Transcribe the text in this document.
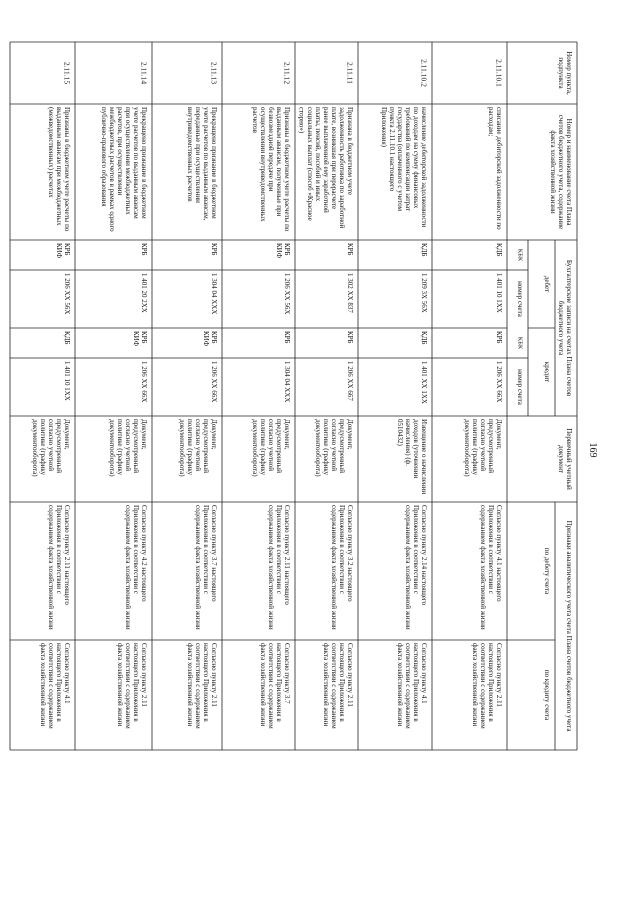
169
Номер пункта,подпункта
Номер и наименование счета Планасчетов бюджетного учета, содержаниефакта хозяйственной жизни
Бухгалтерские записи на счетах Плана счетовбюджетного учета
дебет
кредит
КБК
номер счета
КБК
номер счета
Первичный учетныйдокумент
Признаки аналитического учета счета Плана счетов бюджетного учета
по дебету счета
по кредиту счета
2.11.10.1
списание дебиторской задолженности порасходам;
КДБ
1 401 10 1XX
КРБ
1 206 XX 66X
Документ,предусмотренныйсогласно учетнойполитике (графикудокументооборота)
Согласно пункту 4.1 настоящегоПриложения в соответствии ссодержанием факта хозяйственной жизни
Согласно пункту 2.11настоящего Приложения всоответствии с содержаниемфакта хозяйственной жизни
2.11.10.2
начисление дебиторской задолженностипо доходам на сумму финансовыхтребований по компенсации затратгосударства (оплаченного с учетомпункта 2.11.10.1 настоящегоПриложения)
КДБ
1 209 3X 56X
КДБ
1 401 XX 1XX
Извещение о начислениидоходов (уточненииначисления) (ф.0510432)
Согласно пункту 2.14 настоящегоПриложения в соответствии ссодержанием факта хозяйственной жизни
Согласно пункту 4.1настоящего Приложения всоответствии с содержаниемфакта хозяйственной жизни
2.11.11
Признана в бюджетном учетезадолженность работника по заработнойплате, возникшая при перерасчетеранее выплаченной ему заработнойплаты, пенсий, пособий и иныхсоциальных выплат (способ «Красноесторно»)
КРБ
1 302 XX 837
КРБ
1 206 XX 667
Документ,предусмотренныйсогласно учетнойполитике (графикудокументооборота)
Согласно пункту 3.2 настоящегоПриложения в соответствии ссодержанием факта хозяйственной жизни
Согласно пункту 2.11настоящего Приложения всоответствии с содержаниемфакта хозяйственной жизни
2.11.12
Признаны в бюджетном учете расчеты повыданным авансам, полученные прибезвозмездной передаче приосуществлении внутриведомственныхрасчетов
КРБКИФ
1 206 XX 56X
КРБ
1 304 04 XXX
Документ,предусмотренныйсогласно учетнойполитике (графикудокументооборота)
Согласно пункту 2.11 настоящегоПриложения в соответствии ссодержанием факта хозяйственной жизни
Согласно пункту 3.7настоящего Приложения всоответствии с содержаниемфакта хозяйственной жизни
2.11.13
Прекращено признание в бюджетномучете расчетов по выданным авансам,переданные при осуществлениивнутриведомственных расчетов
КРБ
1 304 04 XXX
КРБКИФ
1 206 XX 66X
Документ,предусмотренныйсогласно учетнойполитике (графикудокументооборота)
Согласно пункту 3.7 настоящегоПриложения в соответствии ссодержанием факта хозяйственной жизни
Согласно пункту 2.11настоящего Приложения всоответствии с содержаниемфакта хозяйственной жизни
2.11.14
Прекращено признание в бюджетномучете расчетов по выданным авансампри осуществлении межбюджетныхрасчетов, при осуществлениимежбюджетных расчетов в рамках одногопублично-правового образования
КРБ
1 401 20 2XX
КРБКИФ
1 206 XX 66X
Документ,предусмотренныйсогласно учетнойполитике (графикудокументооборота)
Согласно пункту 4.2 настоящегоПриложения в соответствии ссодержанием факта хозяйственной жизни
Согласно пункту 2.11настоящего Приложения всоответствии с содержаниемфакта хозяйственной жизни
2.11.15
Признаны в бюджетном учете расчеты повыданным авансам при межбюджетных(межведомственных) расчетах
КРБКИФ
1 206 XX 56X
КДБ
1 401 10 1XX
Документ,предусмотренныйсогласно учетнойполитике (графикудокументооборота)
Согласно пункту 2.11 настоящегоПриложения в соответствии ссодержанием факта хозяйственной жизни
Согласно пункту 4.1настоящего Приложения всоответствии с содержаниемфакта хозяйственной жизни
